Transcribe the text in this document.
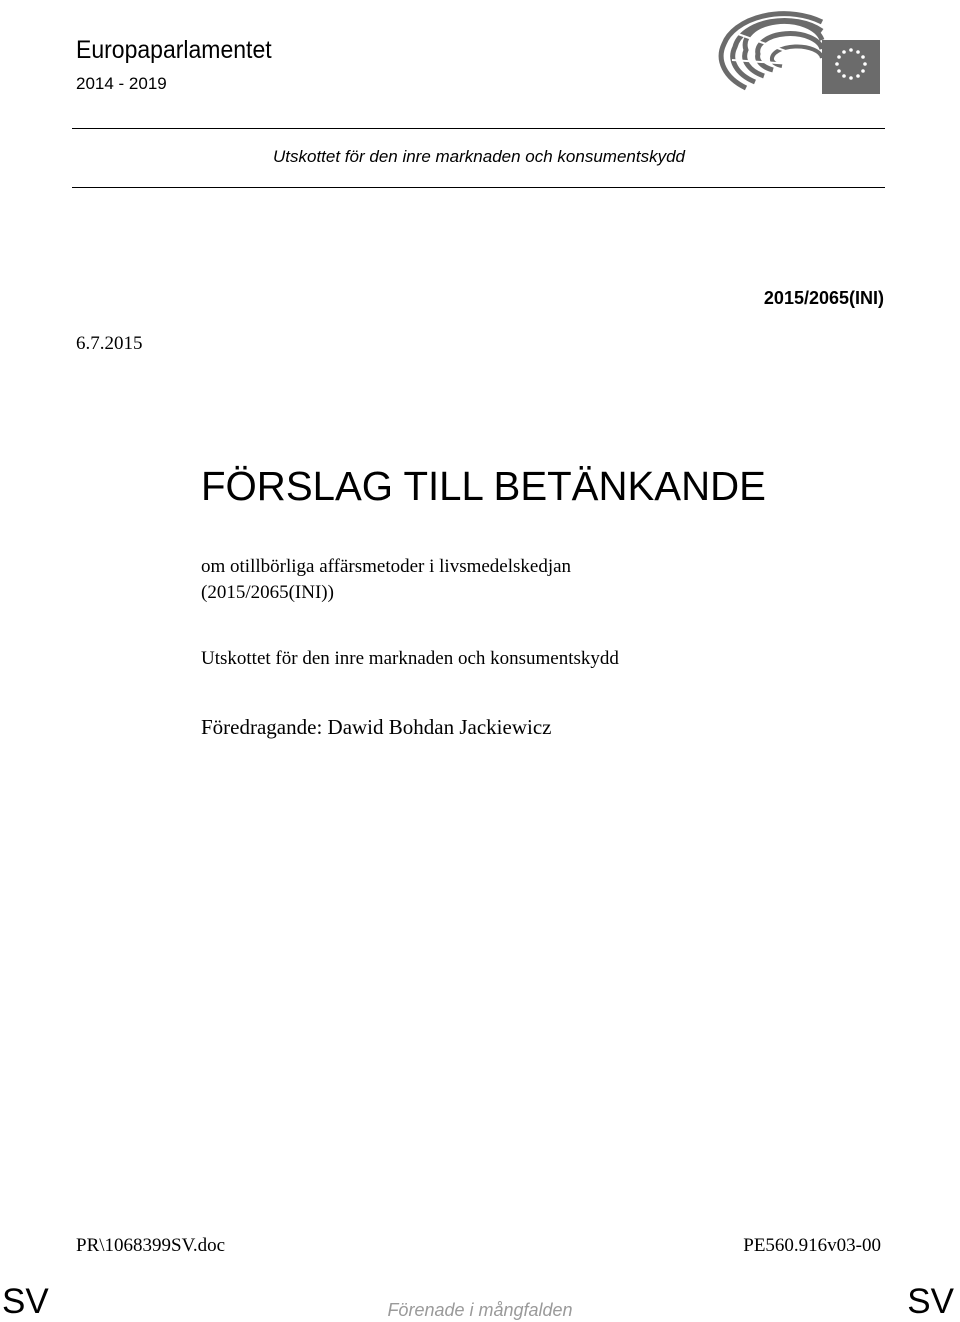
Europaparlamentet
2014 - 2019
Utskottet för den inre marknaden och konsumentskydd
2015/2065(INI)
6.7.2015
FÖRSLAG TILL BETÄNKANDE
om otillbörliga affärsmetoder i livsmedelskedjan
(2015/2065(INI))
Utskottet för den inre marknaden och konsumentskydd
Föredragande: Dawid Bohdan Jackiewicz
PR\1068399SV.doc	PE560.916v03-00
SV	Förenade i mångfalden	SV
